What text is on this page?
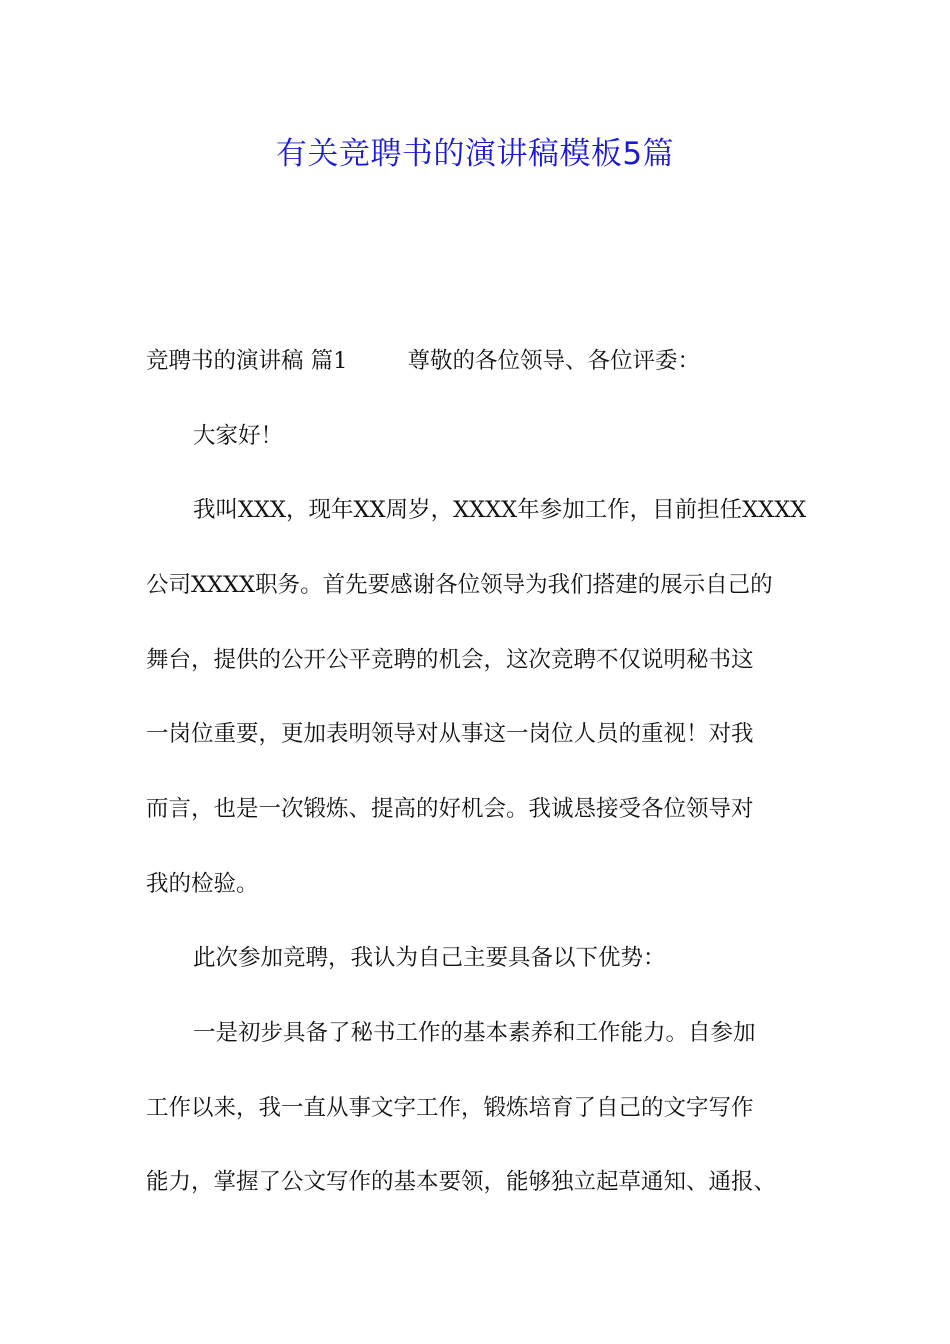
有关竞聘书的演讲稿模板5篇
竞聘书的演讲稿 篇1	尊敬的各位领导、各位评委：
大家好！
我叫XXX，现年XX周岁，XXXX年参加工作，目前担任XXXX
公司XXXX职务。首先要感谢各位领导为我们搭建的展示自己的
舞台，提供的公开公平竞聘的机会，这次竞聘不仅说明秘书这
一岗位重要，更加表明领导对从事这一岗位人员的重视！对我
而言，也是一次锻炼、提高的好机会。我诚恳接受各位领导对
我的检验。
此次参加竞聘，我认为自己主要具备以下优势：
一是初步具备了秘书工作的基本素养和工作能力。自参加
工作以来，我一直从事文字工作，锻炼培育了自己的文字写作
能力，掌握了公文写作的基本要领，能够独立起草通知、通报、
